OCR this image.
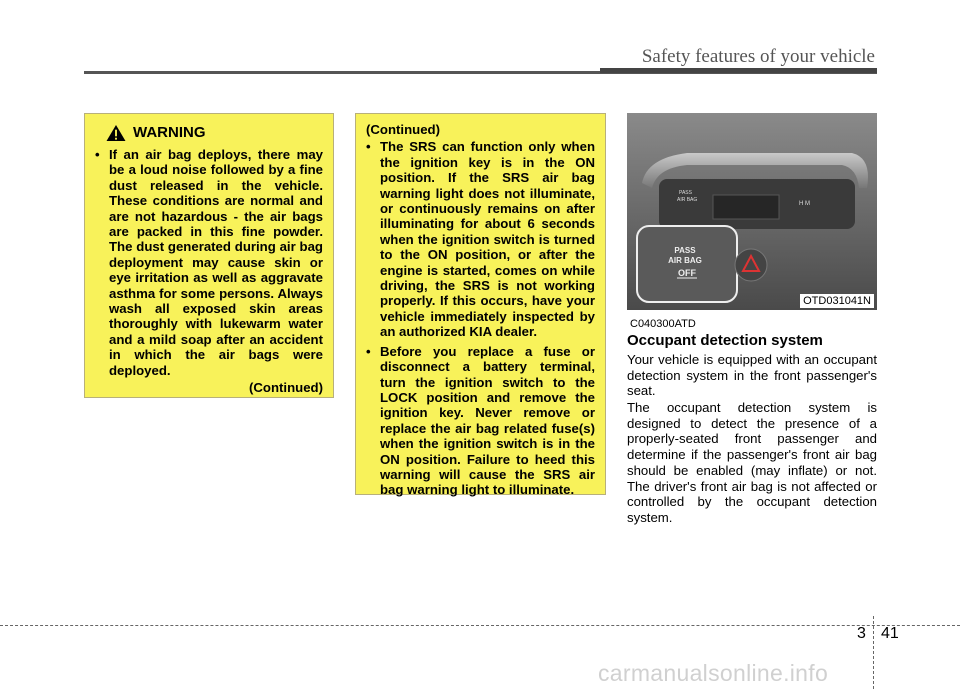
Safety features of your vehicle
WARNING
• If an air bag deploys, there may be a loud noise followed by a fine dust released in the vehicle. These conditions are normal and are not hazardous - the air bags are packed in this fine powder. The dust generated during air bag deployment may cause skin or eye irritation as well as aggravate asthma for some persons. Always wash all exposed skin areas thoroughly with lukewarm water and a mild soap after an accident in which the air bags were deployed.
(Continued)
(Continued)
• The SRS can function only when the ignition key is in the ON position. If the SRS air bag warning light does not illuminate, or continuously remains on after illuminating for about 6 seconds when the ignition switch is turned to the ON position, or after the engine is started, comes on while driving, the SRS is not working properly. If this occurs, have your vehicle immediately inspected by an authorized KIA dealer.
• Before you replace a fuse or disconnect a battery terminal, turn the ignition switch to the LOCK position and remove the ignition key. Never remove or replace the air bag related fuse(s) when the ignition switch is in the ON position. Failure to heed this warning will cause the SRS air bag warning light to illuminate.
PASS
AIR BAG
H M
PASS
AIR BAG
OFF
OTD031041N
C040300ATD
Occupant detection system
Your vehicle is equipped with an occupant detection system in the front passenger's seat.
The occupant detection system is designed to detect the presence of a properly-seated front passenger and determine if the passenger's front air bag should be enabled (may inflate) or not. The driver's front air bag is not affected or controlled by the occupant detection system.
3 41
carmanualsonline.info
